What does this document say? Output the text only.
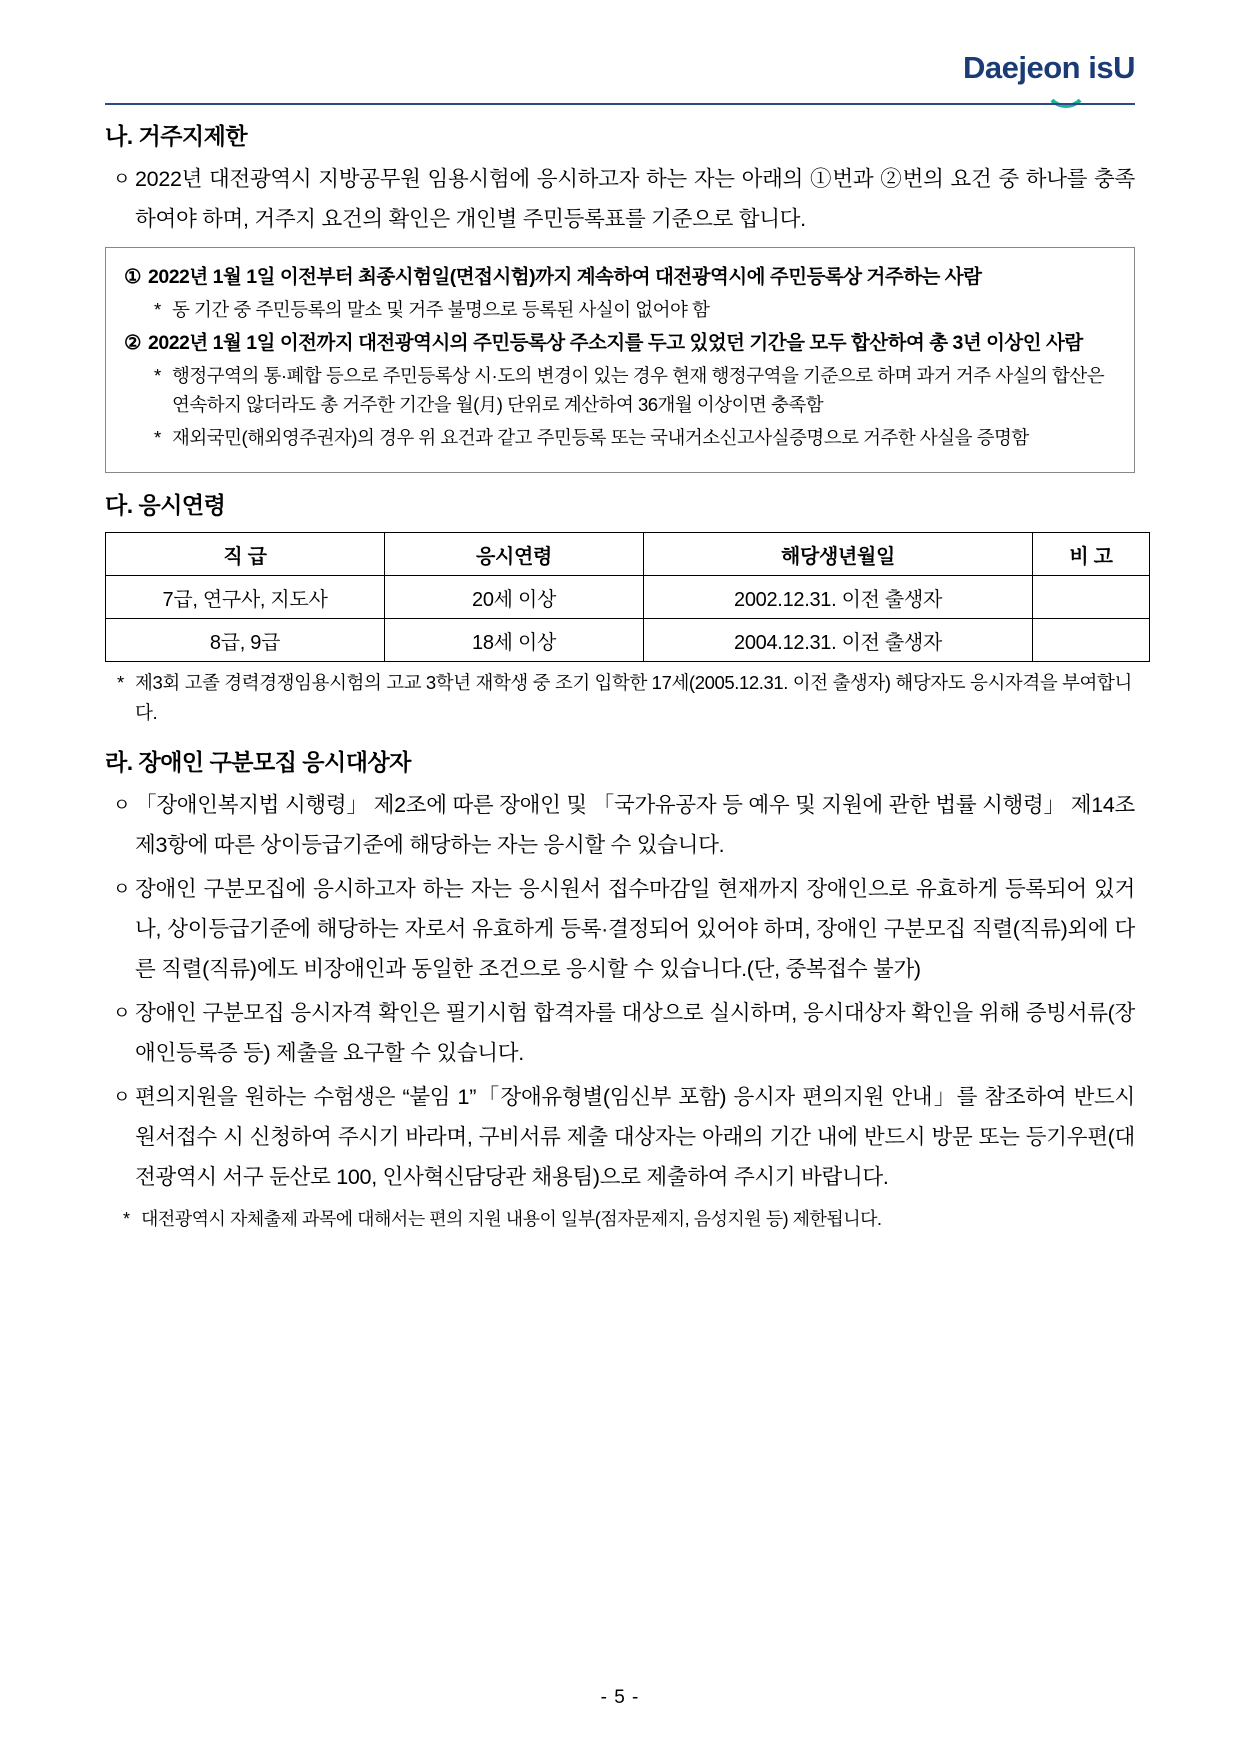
Daejeon isU
나. 거주지제한
ㅇ 2022년 대전광역시 지방공무원 임용시험에 응시하고자 하는 자는 아래의 ①번과 ②번의 요건 중 하나를 충족하여야 하며, 거주지 요건의 확인은 개인별 주민등록표를 기준으로 합니다.
① 2022년 1월 1일 이전부터 최종시험일(면접시험)까지 계속하여 대전광역시에 주민등록상 거주하는 사람
* 동 기간 중 주민등록의 말소 및 거주 불명으로 등록된 사실이 없어야 함
② 2022년 1월 1일 이전까지 대전광역시의 주민등록상 주소지를 두고 있었던 기간을 모두 합산하여 총 3년 이상인 사람
* 행정구역의 통·폐합 등으로 주민등록상 시·도의 변경이 있는 경우 현재 행정구역을 기준으로 하며 과거 거주 사실의 합산은 연속하지 않더라도 총 거주한 기간을 월(月) 단위로 계산하여 36개월 이상이면 충족함
* 재외국민(해외영주권자)의 경우 위 요건과 같고 주민등록 또는 국내거소신고사실증명으로 거주한 사실을 증명함
다. 응시연령
직 급	응시연령	해당생년월일	비 고
7급, 연구사, 지도사	20세 이상	2002.12.31. 이전 출생자	
8급, 9급	18세 이상	2004.12.31. 이전 출생자	
* 제3회 고졸 경력경쟁임용시험의 고교 3학년 재학생 중 조기 입학한 17세(2005.12.31. 이전 출생자) 해당자도 응시자격을 부여합니다.
라. 장애인 구분모집 응시대상자
ㅇ 「장애인복지법 시행령」 제2조에 따른 장애인 및 「국가유공자 등 예우 및 지원에 관한 법률 시행령」 제14조제3항에 따른 상이등급기준에 해당하는 자는 응시할 수 있습니다.
ㅇ 장애인 구분모집에 응시하고자 하는 자는 응시원서 접수마감일 현재까지 장애인으로 유효하게 등록되어 있거나, 상이등급기준에 해당하는 자로서 유효하게 등록·결정되어 있어야 하며, 장애인 구분모집 직렬(직류)외에 다른 직렬(직류)에도 비장애인과 동일한 조건으로 응시할 수 있습니다.(단, 중복접수 불가)
ㅇ 장애인 구분모집 응시자격 확인은 필기시험 합격자를 대상으로 실시하며, 응시대상자 확인을 위해 증빙서류(장애인등록증 등) 제출을 요구할 수 있습니다.
ㅇ 편의지원을 원하는 수험생은 “붙임 1”「장애유형별(임신부 포함) 응시자 편의지원 안내」를 참조하여 반드시 원서접수 시 신청하여 주시기 바라며, 구비서류 제출 대상자는 아래의 기간 내에 반드시 방문 또는 등기우편(대전광역시 서구 둔산로 100, 인사혁신담당관 채용팀)으로 제출하여 주시기 바랍니다.
* 대전광역시 자체출제 과목에 대해서는 편의 지원 내용이 일부(점자문제지, 음성지원 등) 제한됩니다.
- 5 -
